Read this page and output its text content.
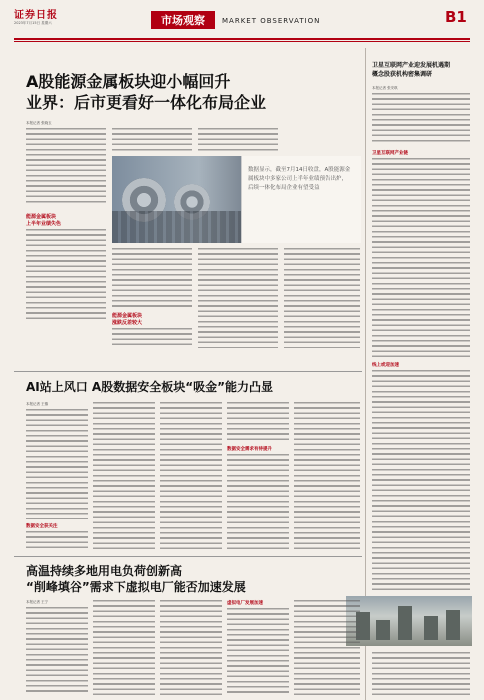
证券日报
2023年7月15日 星期六	市场观察	MARKET OBSERVATION	B1
A股能源金属板块迎小幅回升
业界：后市更看好一体化布局企业
本报记者 张晓玉
能源金属板块
上半年业绩失色
数据显示，截至7月14日收盘，A股能源金属板块中多家公司上半年业绩预告出炉，后续一体化布局企业有望受益
能源金属板块
涨跌反差较大
卫星互联网产业迎发展机遇期
概念股获机构密集调研
本报记者 张安琪
卫星互联网产业链
线上或迎加速
AI站上风口 A股数据安全板块“吸金”能力凸显
本报记者 王镇
数据安全获关注
数据安全需求有待提升
高温持续多地用电负荷创新高
“削峰填谷”需求下虚拟电厂能否加速发展
本报记者 王宁	虚拟电厂发展加速
